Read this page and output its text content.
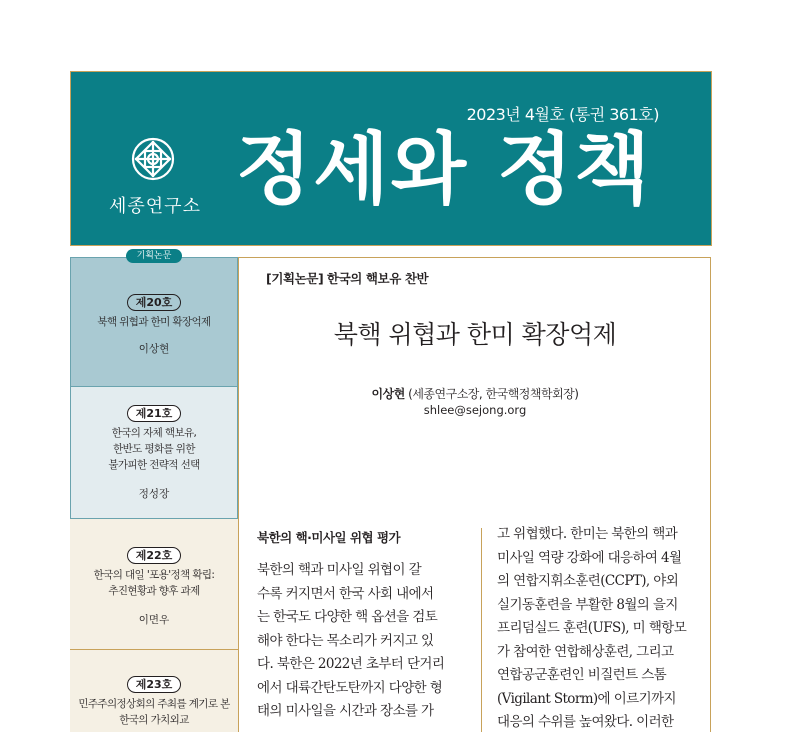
2023년 4월호 (통권 361호)
세종연구소 정세와 정책
제20호
북핵 위협과 한미 확장억제
이상현
제21호
한국의 자체 핵보유,
한반도 평화를 위한
불가피한 전략적 선택
정성장
제22호
한국의 대일 '포용'정책 확립:
추진현황과 향후 과제
이면우
제23호
민주주의정상회의 주최를 계기로 본
한국의 가치외교
기획논문
[기획논문] 한국의 핵보유 찬반
북핵 위협과 한미 확장억제
이상현 (세종연구소장, 한국핵정책학회장)
shlee@sejong.org
북한의 핵·미사일 위협 평가
북한의 핵과 미사일 위협이 갈
수록 커지면서 한국 사회 내에서
는 한국도 다양한 핵 옵션을 검토
해야 한다는 목소리가 커지고 있
다. 북한은 2022년 초부터 단거리
에서 대륙간탄도탄까지 다양한 형
태의 미사일을 시간과 장소를 가
고 위협했다. 한미는 북한의 핵과
미사일 역량 강화에 대응하여 4월
의 연합지휘소훈련(CCPT), 야외
실기동훈련을 부활한 8월의 을지
프리덤실드 훈련(UFS), 미 핵항모
가 참여한 연합해상훈련, 그리고
연합공군훈련인 비질런트 스톰
(Vigilant Storm)에 이르기까지
대응의 수위를 높여왔다. 이러한
